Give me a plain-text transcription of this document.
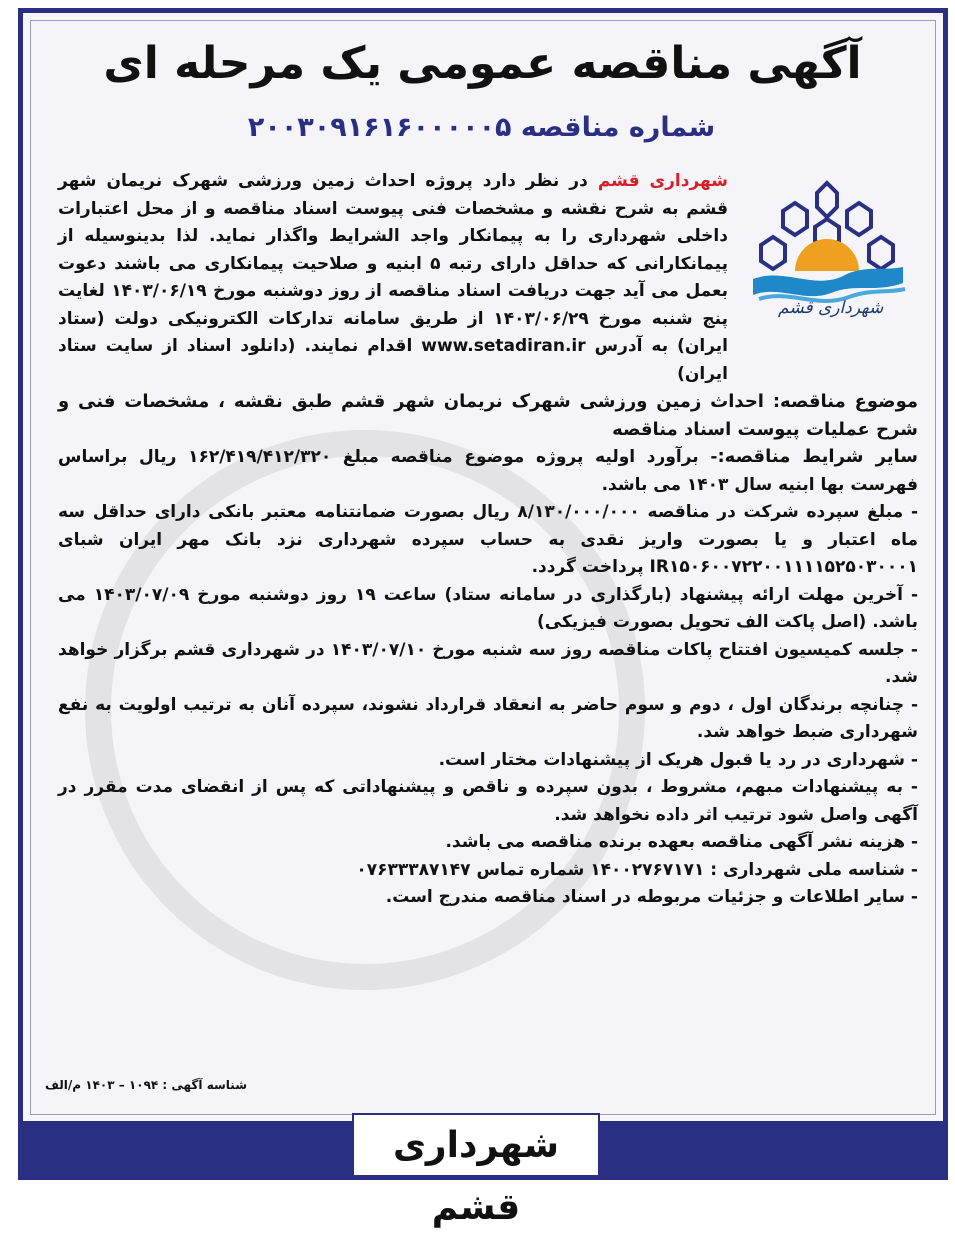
آگهی مناقصه عمومی یک مرحله ای
شماره مناقصه ۲۰۰۳۰۹۱۶۱۶۰۰۰۰۰۵
شهرداری قشم

شهرداری قشم در نظر دارد پروژه احداث زمین ورزشی شهرک نریمان شهر قشم به شرح نقشه و مشخصات فنی پیوست اسناد مناقصه و از محل اعتبارات داخلی شهرداری را به پیمانکار واجد الشرایط واگذار نماید. لذا بدینوسیله از پیمانکارانی که حداقل دارای رتبه ۵ ابنیه و صلاحیت پیمانکاری می باشند دعوت بعمل می آید جهت دریافت اسناد مناقصه از روز دوشنبه مورخ ۱۴۰۳/۰۶/۱۹ لغایت پنج شنبه مورخ ۱۴۰۳/۰۶/۲۹ از طریق سامانه تدارکات الکترونیکی دولت (ستاد ایران) به آدرس www.setadiran.ir اقدام نمایند. (دانلود اسناد از سایت ستاد ایران)

موضوع مناقصه: احداث زمین ورزشی شهرک نریمان شهر قشم طبق نقشه ، مشخصات فنی و شرح عملیات پیوست اسناد مناقصه

سایر شرایط مناقصه:- برآورد اولیه پروژه موضوع مناقصه مبلغ ۱۶۲/۴۱۹/۴۱۲/۳۲۰ ریال براساس فهرست بها ابنیه سال ۱۴۰۳ می باشد.

- مبلغ سپرده شرکت در مناقصه ۸/۱۳۰/۰۰۰/۰۰۰ ریال بصورت ضمانتنامه معتبر بانکی دارای حداقل سه ماه اعتبار و یا بصورت واریز نقدی به حساب سپرده شهرداری نزد بانک مهر ایران شبای IR۱۵۰۶۰۰۷۲۲۰۰۱۱۱۱۵۲۵۰۳۰۰۰۱ پرداخت گردد.

- آخرین مهلت ارائه پیشنهاد (بارگذاری در سامانه ستاد) ساعت ۱۹ روز دوشنبه مورخ ۱۴۰۳/۰۷/۰۹ می باشد. (اصل پاکت الف تحویل بصورت فیزیکی)

- جلسه کمیسیون افتتاح پاکات مناقصه روز سه شنبه مورخ ۱۴۰۳/۰۷/۱۰ در شهرداری قشم برگزار خواهد شد.

- چنانچه برندگان اول ، دوم و سوم حاضر به انعقاد قرارداد نشوند، سپرده آنان به ترتیب اولویت به نفع شهرداری ضبط خواهد شد.

- شهرداری در رد یا قبول هریک از پیشنهادات مختار است.

- به پیشنهادات مبهم، مشروط ، بدون سپرده و ناقص و پیشنهاداتی که پس از انقضای مدت مقرر در آگهی واصل شود ترتیب اثر داده نخواهد شد.

- هزینه نشر آگهی مناقصه بعهده برنده مناقصه می باشد.

- شناسه ملی شهرداری : ۱۴۰۰۲۷۶۷۱۷۱ شماره تماس ۰۷۶۳۳۳۸۷۱۴۷

- سایر اطلاعات و جزئیات مربوطه در اسناد مناقصه مندرج است.

شناسه آگهی : ۱۰۹۴ – ۱۴۰۳ م/الف
شهرداری قشم
